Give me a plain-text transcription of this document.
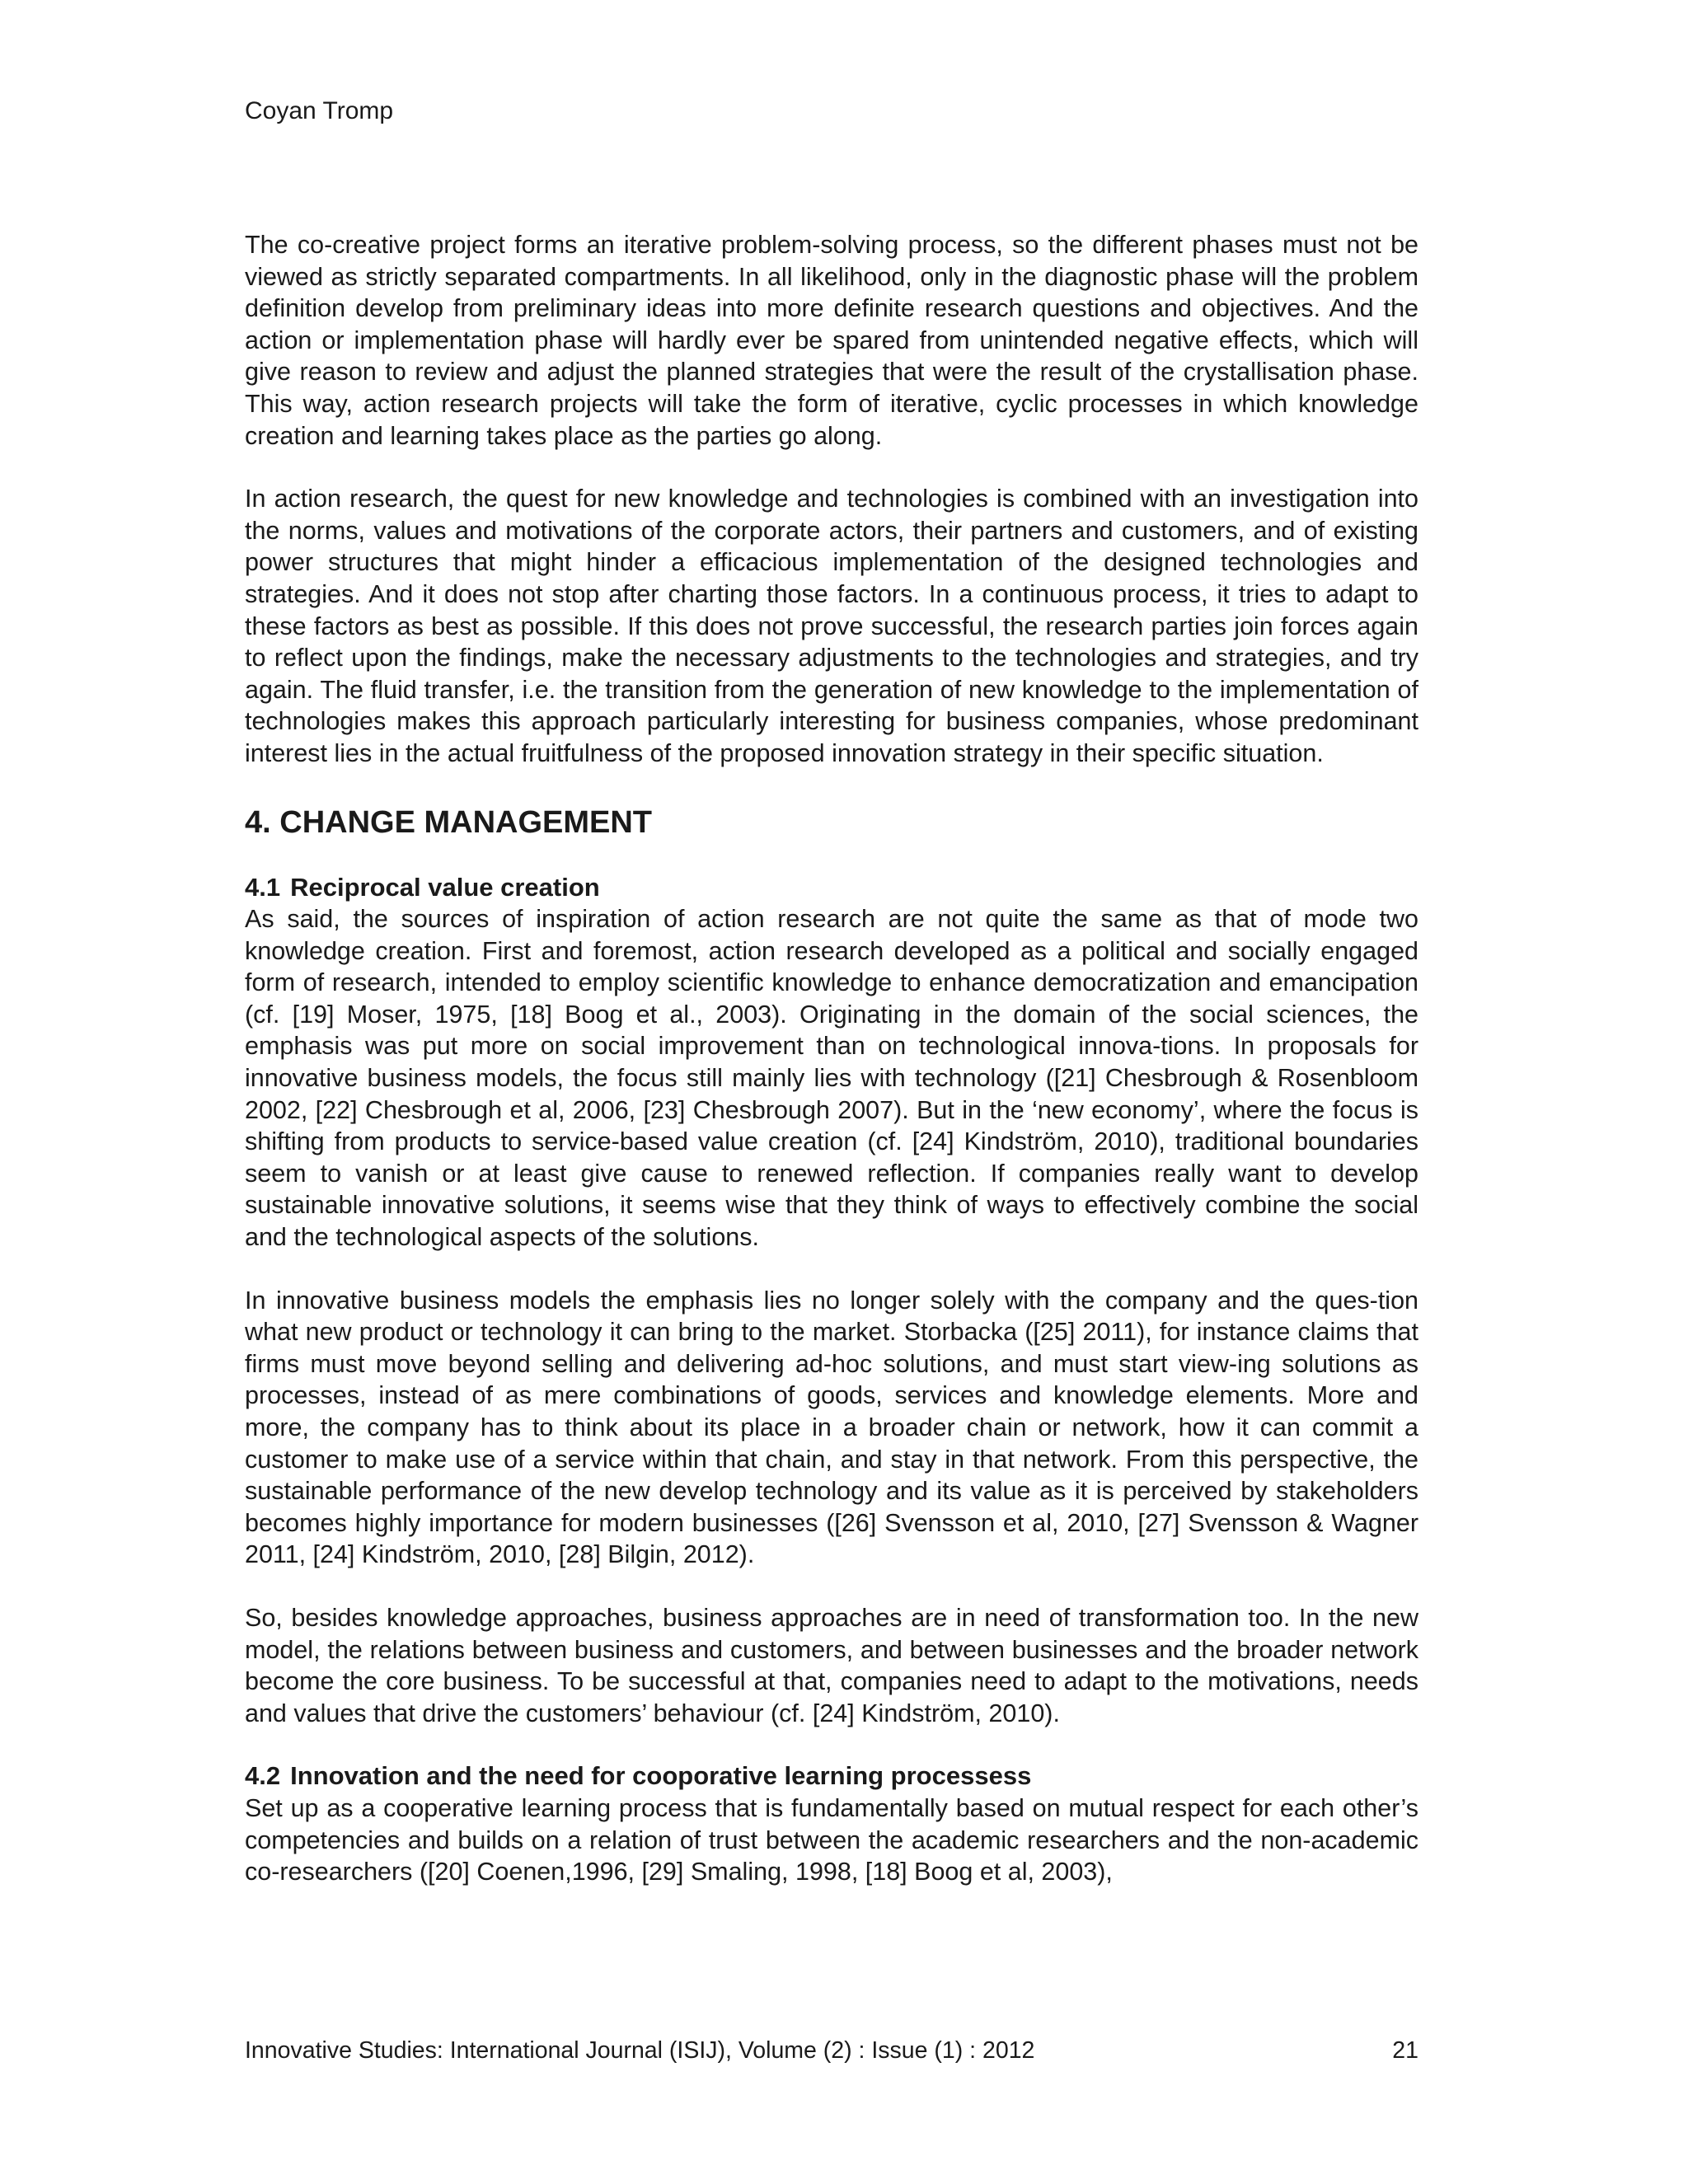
Coyan Tromp

The co-creative project forms an iterative problem-solving process, so the different phases must not be viewed as strictly separated compartments. In all likelihood, only in the diagnostic phase will the problem definition develop from preliminary ideas into more definite research questions and objectives. And the action or implementation phase will hardly ever be spared from unintended negative effects, which will give reason to review and adjust the planned strategies that were the result of the crystallisation phase. This way, action research projects will take the form of iterative, cyclic processes in which knowledge creation and learning takes place as the parties go along.

In action research, the quest for new knowledge and technologies is combined with an investigation into the norms, values and motivations of the corporate actors, their partners and customers, and of existing power structures that might hinder a efficacious implementation of the designed technologies and strategies. And it does not stop after charting those factors. In a continuous process, it tries to adapt to these factors as best as possible. If this does not prove successful, the research parties join forces again to reflect upon the findings, make the necessary adjustments to the technologies and strategies, and try again. The fluid transfer, i.e. the transition from the generation of new knowledge to the implementation of technologies makes this approach particularly interesting for business companies, whose predominant interest lies in the actual fruitfulness of the proposed innovation strategy in their specific situation.

4. CHANGE MANAGEMENT
4.1 Reciprocal value creation

As said, the sources of inspiration of action research are not quite the same as that of mode two knowledge creation. First and foremost, action research developed as a political and socially engaged form of research, intended to employ scientific knowledge to enhance democratization and emancipation (cf. [19] Moser, 1975, [18] Boog et al., 2003). Originating in the domain of the social sciences, the emphasis was put more on social improvement than on technological innova-tions. In proposals for innovative business models, the focus still mainly lies with technology ([21] Chesbrough & Rosenbloom 2002, [22] Chesbrough et al, 2006, [23] Chesbrough 2007). But in the ‘new economy’, where the focus is shifting from products to service-based value creation (cf. [24] Kindström, 2010), traditional boundaries seem to vanish or at least give cause to renewed reflection. If companies really want to develop sustainable innovative solutions, it seems wise that they think of ways to effectively combine the social and the technological aspects of the solutions.

In innovative business models the emphasis lies no longer solely with the company and the ques-tion what new product or technology it can bring to the market. Storbacka ([25] 2011), for instance claims that firms must move beyond selling and delivering ad-hoc solutions, and must start view-ing solutions as processes, instead of as mere combinations of goods, services and knowledge elements. More and more, the company has to think about its place in a broader chain or network, how it can commit a customer to make use of a service within that chain, and stay in that network. From this perspective, the sustainable performance of the new develop technology and its value as it is perceived by stakeholders becomes highly importance for modern businesses ([26] Svensson et al, 2010, [27] Svensson & Wagner 2011, [24] Kindström, 2010, [28] Bilgin, 2012).

So, besides knowledge approaches, business approaches are in need of transformation too. In the new model, the relations between business and customers, and between businesses and the broader network become the core business. To be successful at that, companies need to adapt to the motivations, needs and values that drive the customers’ behaviour (cf. [24] Kindström, 2010).

4.2 Innovation and the need for cooporative learning processess

Set up as a cooperative learning process that is fundamentally based on mutual respect for each other’s competencies and builds on a relation of trust between the academic researchers and the non-academic co-researchers ([20] Coenen,1996, [29] Smaling, 1998, [18] Boog et al, 2003),

Innovative Studies: International Journal (ISIJ), Volume (2) : Issue (1) : 2012	21
